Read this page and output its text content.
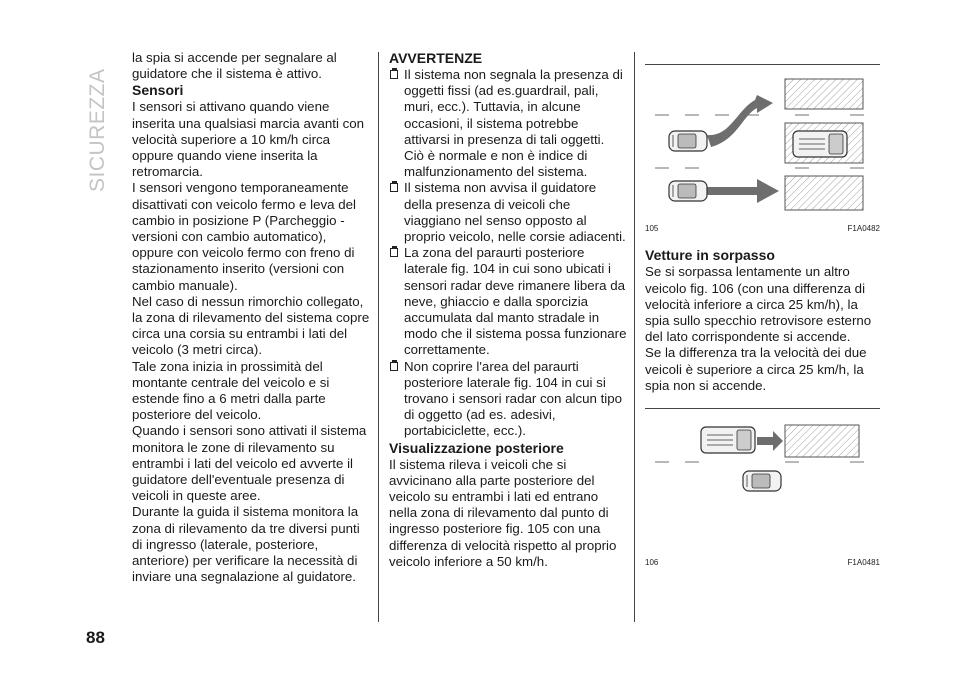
SICUREZZA
88

la spia si accende per segnalare al guidatore che il sistema è attivo.

Sensori

I sensori si attivano quando viene inserita una qualsiasi marcia avanti con velocità superiore a 10 km/h circa oppure quando viene inserita la retromarcia.

I sensori vengono temporaneamente disattivati con veicolo fermo e leva del cambio in posizione P (Parcheggio - versioni con cambio automatico), oppure con veicolo fermo con freno di stazionamento inserito (versioni con cambio manuale).

Nel caso di nessun rimorchio collegato, la zona di rilevamento del sistema copre circa una corsia su entrambi i lati del veicolo (3 metri circa).

Tale zona inizia in prossimità del montante centrale del veicolo e si estende fino a 6 metri dalla parte posteriore del veicolo.

Quando i sensori sono attivati il sistema monitora le zone di rilevamento su entrambi i lati del veicolo ed avverte il guidatore dell'eventuale presenza di veicoli in queste aree.

Durante la guida il sistema monitora la zona di rilevamento da tre diversi punti di ingresso (laterale, posteriore, anteriore) per verificare la necessità di inviare una segnalazione al guidatore.

AVVERTENZE

Il sistema non segnala la presenza di oggetti fissi (ad es.guardrail, pali, muri, ecc.). Tuttavia, in alcune occasioni, il sistema potrebbe attivarsi in presenza di tali oggetti. Ciò è normale e non è indice di malfunzionamento del sistema.

Il sistema non avvisa il guidatore della presenza di veicoli che viaggiano nel senso opposto al proprio veicolo, nelle corsie adiacenti.

La zona del paraurti posteriore laterale fig. 104 in cui sono ubicati i sensori radar deve rimanere libera da neve, ghiaccio e dalla sporcizia accumulata dal manto stradale in modo che il sistema possa funzionare correttamente.

Non coprire l'area del paraurti posteriore laterale fig. 104 in cui si trovano i sensori radar con alcun tipo di oggetto (ad es. adesivi, portabiciclette, ecc.).

Visualizzazione posteriore

Il sistema rileva i veicoli che si avvicinano alla parte posteriore del veicolo su entrambi i lati ed entrano nella zona di rilevamento dal punto di ingresso posteriore fig. 105 con una differenza di velocità rispetto al proprio veicolo inferiore a 50 km/h.

105	F1A0482
Vetture in sorpasso

Se si sorpassa lentamente un altro veicolo fig. 106 (con una differenza di velocità inferiore a circa 25 km/h), la spia sullo specchio retrovisore esterno del lato corrispondente si accende.

Se la differenza tra la velocità dei due veicoli è superiore a circa 25 km/h, la spia non si accende.

106	F1A0481
